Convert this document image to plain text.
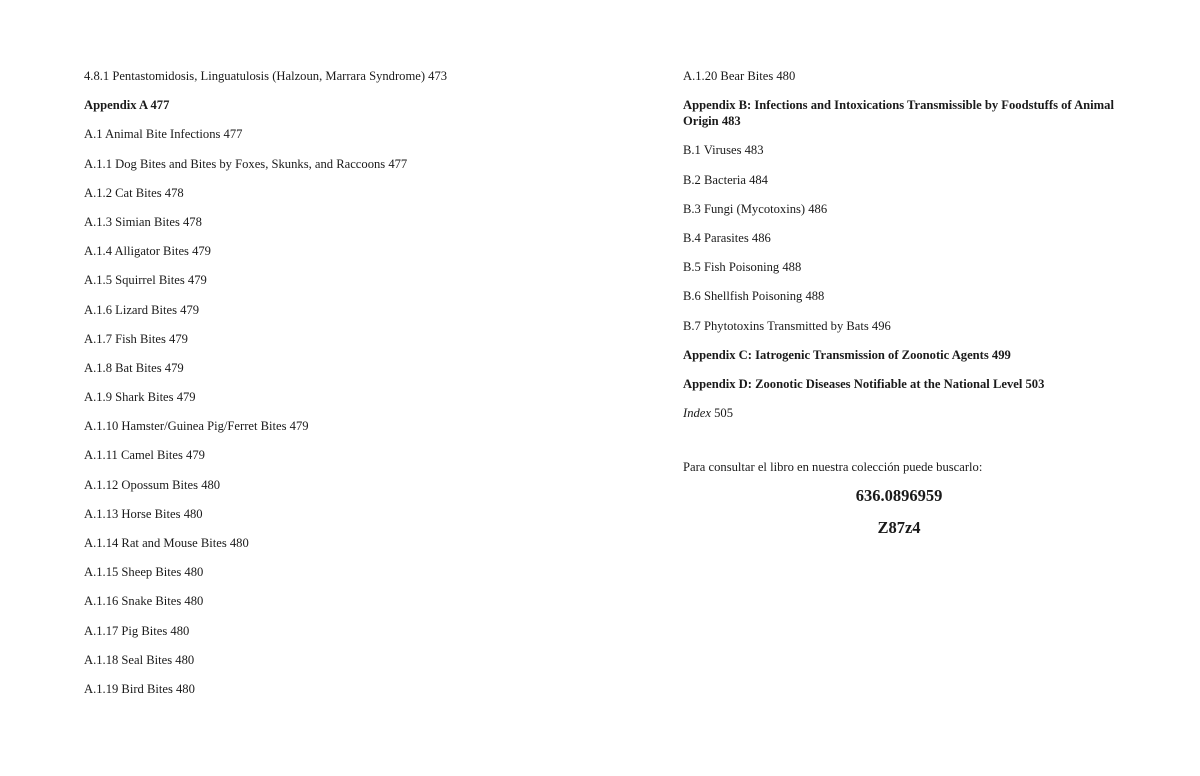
4.8.1 Pentastomidosis, Linguatulosis (Halzoun, Marrara Syndrome) 473
Appendix A 477
A.1 Animal Bite Infections 477
A.1.1 Dog Bites and Bites by Foxes, Skunks, and Raccoons 477
A.1.2 Cat Bites 478
A.1.3 Simian Bites 478
A.1.4 Alligator Bites 479
A.1.5 Squirrel Bites 479
A.1.6 Lizard Bites 479
A.1.7 Fish Bites 479
A.1.8 Bat Bites 479
A.1.9 Shark Bites 479
A.1.10 Hamster/Guinea Pig/Ferret Bites 479
A.1.11 Camel Bites 479
A.1.12 Opossum Bites 480
A.1.13 Horse Bites 480
A.1.14 Rat and Mouse Bites 480
A.1.15 Sheep Bites 480
A.1.16 Snake Bites 480
A.1.17 Pig Bites 480
A.1.18 Seal Bites 480
A.1.19 Bird Bites 480
A.1.20 Bear Bites 480
Appendix B: Infections and Intoxications Transmissible by Foodstuffs of Animal Origin 483
B.1 Viruses 483
B.2 Bacteria 484
B.3 Fungi (Mycotoxins) 486
B.4 Parasites 486
B.5 Fish Poisoning 488
B.6 Shellfish Poisoning 488
B.7 Phytotoxins Transmitted by Bats 496
Appendix C: Iatrogenic Transmission of Zoonotic Agents 499
Appendix D: Zoonotic Diseases Notifiable at the National Level 503
Index 505
Para consultar el libro en nuestra colección puede buscarlo:
636.0896959
Z87z4
